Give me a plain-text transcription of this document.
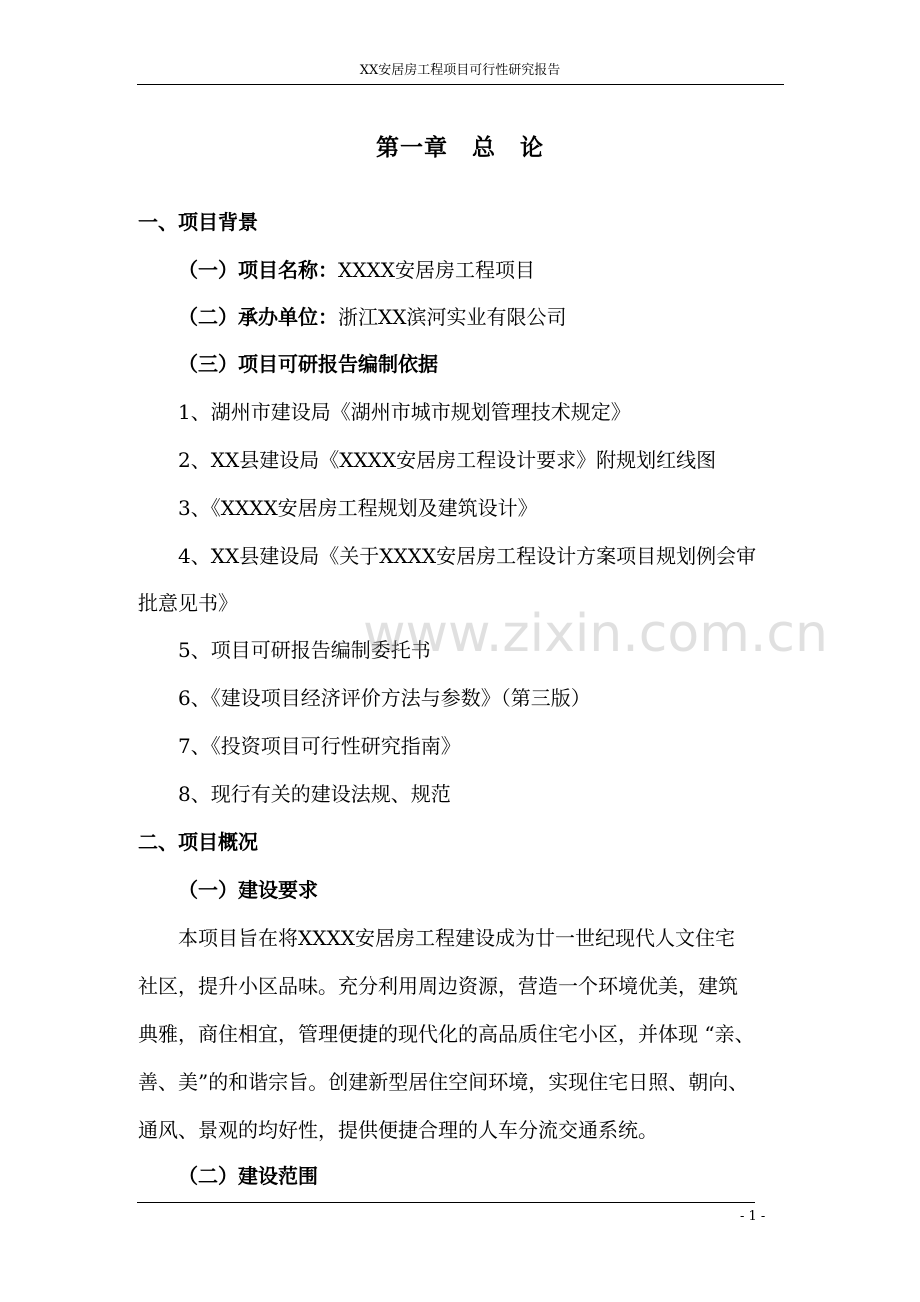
XX安居房工程项目可行性研究报告
第一章　总　论
一、项目背景
（一）项目名称：XXXX安居房工程项目
（二）承办单位：浙江XX滨河实业有限公司
（三）项目可研报告编制依据
1、湖州市建设局《湖州市城市规划管理技术规定》
2、XX县建设局《XXXX安居房工程设计要求》附规划红线图
3、《XXXX安居房工程规划及建筑设计》
4、XX县建设局《关于XXXX安居房工程设计方案项目规划例会审
批意见书》
5、项目可研报告编制委托书
6、《建设项目经济评价方法与参数》（第三版）
7、《投资项目可行性研究指南》
8、现行有关的建设法规、规范
二、项目概况
（一）建设要求
本项目旨在将XXXX安居房工程建设成为廿一世纪现代人文住宅
社区，提升小区品味。充分利用周边资源，营造一个环境优美，建筑
典雅，商住相宜，管理便捷的现代化的高品质住宅小区，并体现 “亲、
善、美”的和谐宗旨。创建新型居住空间环境，实现住宅日照、朝向、
通风、景观的均好性，提供便捷合理的人车分流交通系统。
（二）建设范围
- 1 -
www.zixin.com.cn
